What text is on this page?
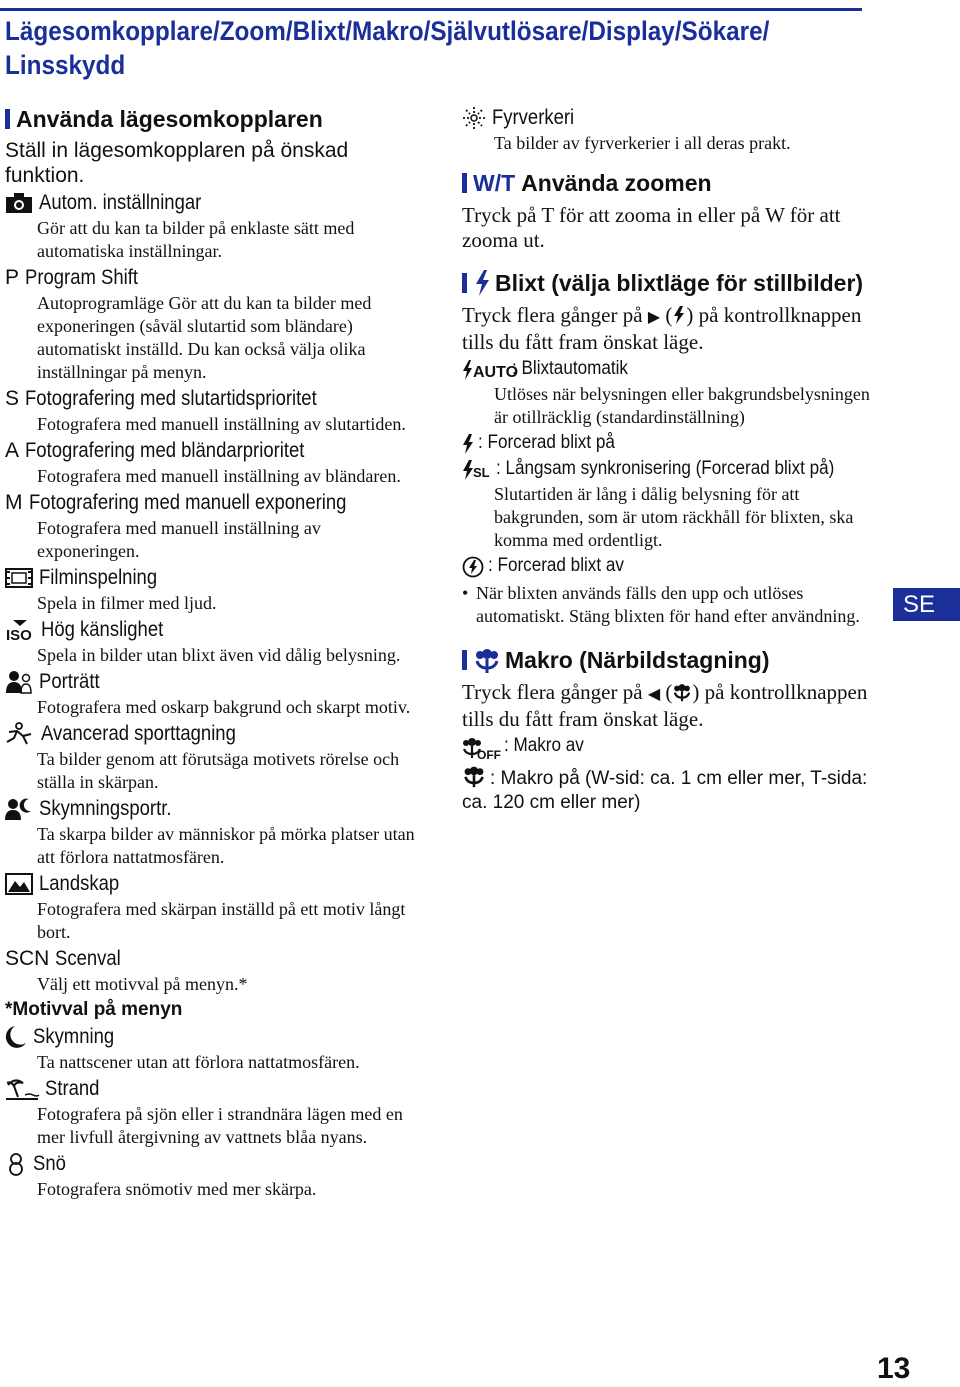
Lägesomkopplare/Zoom/Blixt/Makro/Självutlösare/Display/Sökare/ Linsskydd
Använda lägesomkopplaren

Ställ in lägesomkopplaren på önskad funktion.

Autom. inställningar

Gör att du kan ta bilder på enklaste sätt med automatiska inställningar.

P Program Shift

Autoprogramläge Gör att du kan ta bilder med exponeringen (såväl slutartid som bländare) automatiskt inställd. Du kan också välja olika inställningar på menyn.

S Fotografering med slutartidsprioritet

Fotografera med manuell inställning av slutartiden.

A Fotografering med bländarprioritet

Fotografera med manuell inställning av bländaren.

M Fotografering med manuell exponering

Fotografera med manuell inställning av exponeringen.

Filminspelning

Spela in filmer med ljud.

ISO Hög känslighet

Spela in bilder utan blixt även vid dålig belysning.

Porträtt

Fotografera med oskarp bakgrund och skarpt motiv.

Avancerad sporttagning

Ta bilder genom att förutsäga motivets rörelse och ställa in skärpan.

Skymningsportr.

Ta skarpa bilder av människor på mörka platser utan att förlora nattatmosfären.

Landskap

Fotografera med skärpan inställd på ett motiv långt bort.

SCN Scenval

Välj ett motivval på menyn.*

*Motivval på menyn

Skymning

Ta nattscener utan att förlora nattatmosfären.

Strand

Fotografera på sjön eller i strandnära lägen med en mer livfull återgivning av vattnets blåa nyans.

Snö

Fotografera snömotiv med mer skärpa.

Fyrverkeri

Ta bilder av fyrverkerier i all deras prakt.

W/T Använda zoomen

Tryck på T för att zooma in eller på W för att zooma ut.

Blixt (välja blixtläge för stillbilder)

Tryck flera gånger på ▶ ( ) på kontrollknappen tills du fått fram önskat läge.

AUTO
: Blixtautomatik

Utlöses när belysningen eller bakgrundsbelysningen är otillräcklig (standardinställning)

: Forcerad blixt på
SL : Långsam synkronisering (Forcerad blixt på)

Slutartiden är lång i dålig belysning för att bakgrunden, som är utom räckhåll för blixten, ska komma med ordentligt.

: Forcerad blixt av
• När blixten används fälls den upp och utlöses automatiskt. Stäng blixten för hand efter användning.
Makro (Närbildstagning)

Tryck flera gånger på ◀ ( ) på kontrollknappen tills du fått fram önskat läge.

OFF : Makro av
: Makro på (W-sid: ca. 1 cm eller mer, T-sida: ca. 120 cm eller mer)
SE
13
